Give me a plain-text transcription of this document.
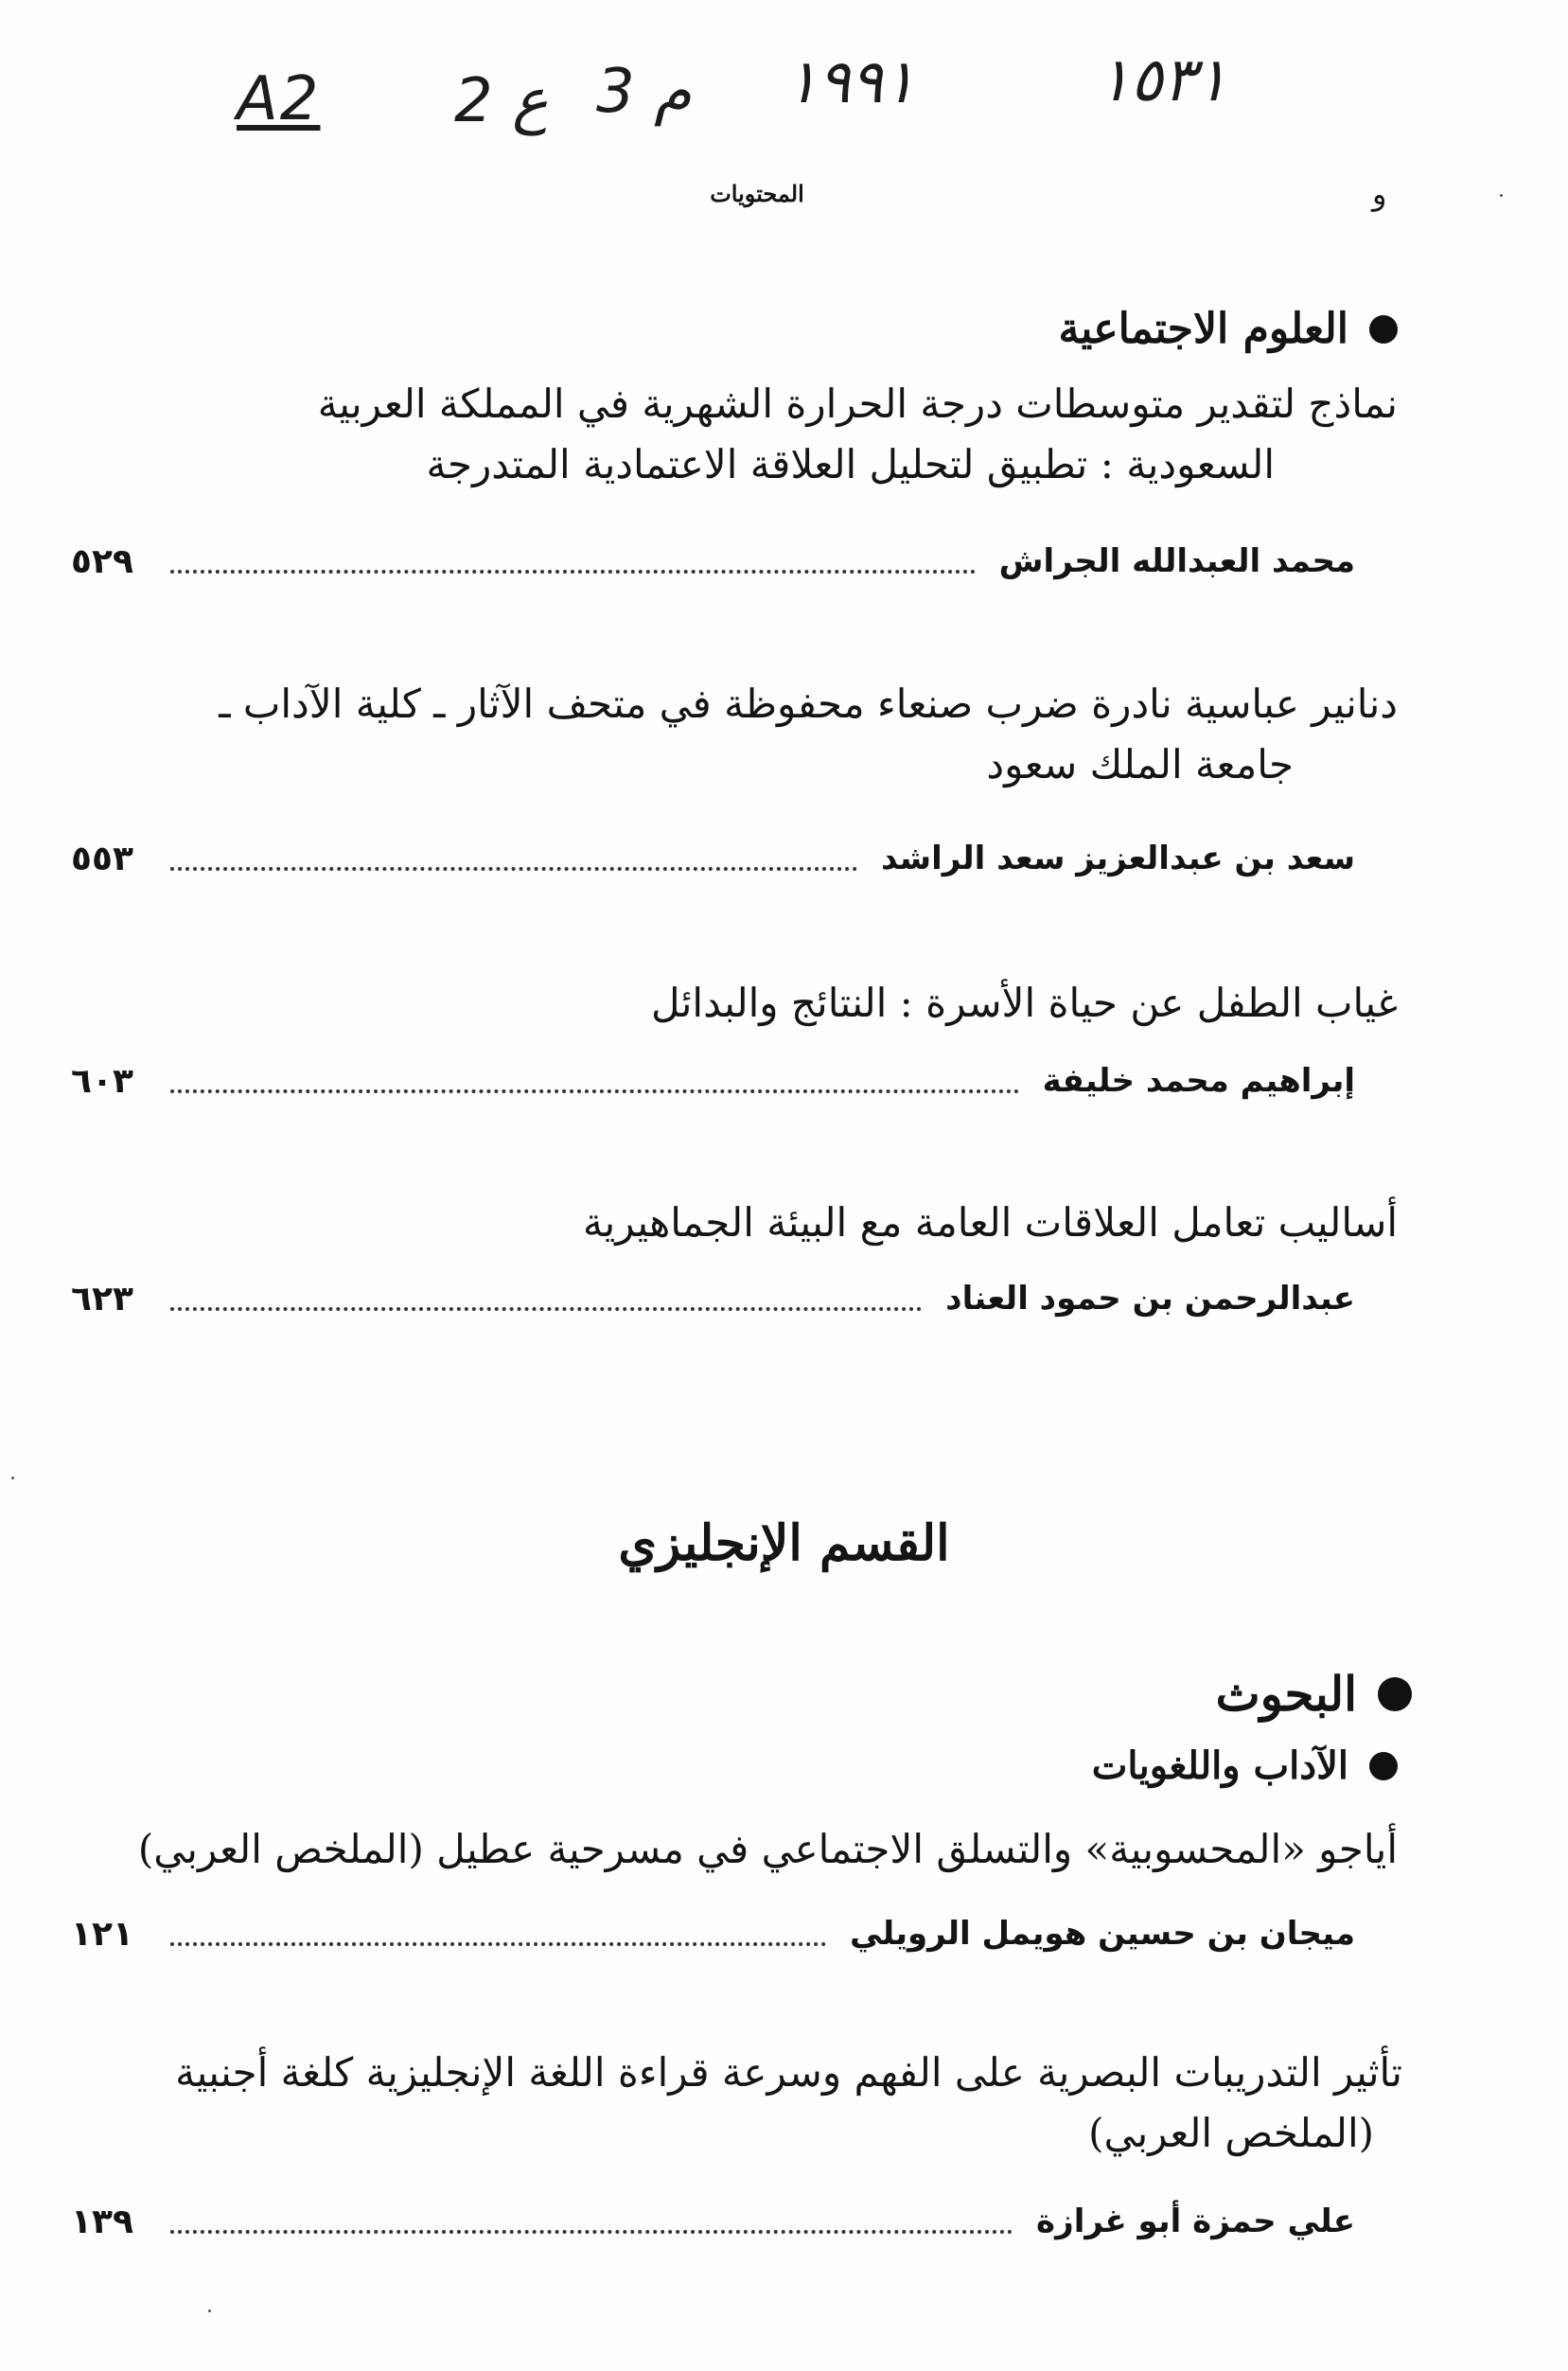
A2 2 ع 3 م ١٩٩١	١٥٣١
المحتويات	و
العلوم الاجتماعية
نماذج لتقدير متوسطات درجة الحرارة الشهرية في المملكة العربية
السعودية : تطبيق لتحليل العلاقة الاعتمادية المتدرجة
محمد العبدالله الجراش
٥٢٩
دنانير عباسية نادرة ضرب صنعاء محفوظة في متحف الآثار ـ كلية الآداب ـ
جامعة الملك سعود
سعد بن عبدالعزيز سعد الراشد
٥٥٣
غياب الطفل عن حياة الأسرة : النتائج والبدائل
إبراهيم محمد خليفة
٦٠٣
أساليب تعامل العلاقات العامة مع البيئة الجماهيرية
عبدالرحمن بن حمود العناد
٦٢٣
القسم الإنجليزي
البحوث
الآداب واللغويات
أياجو «المحسوبية» والتسلق الاجتماعي في مسرحية عطيل (الملخص العربي)
ميجان بن حسين هويمل الرويلي
١٢١
تأثير التدريبات البصرية على الفهم وسرعة قراءة اللغة الإنجليزية كلغة أجنبية
(الملخص العربي)
علي حمزة أبو غرازة
١٣٩
